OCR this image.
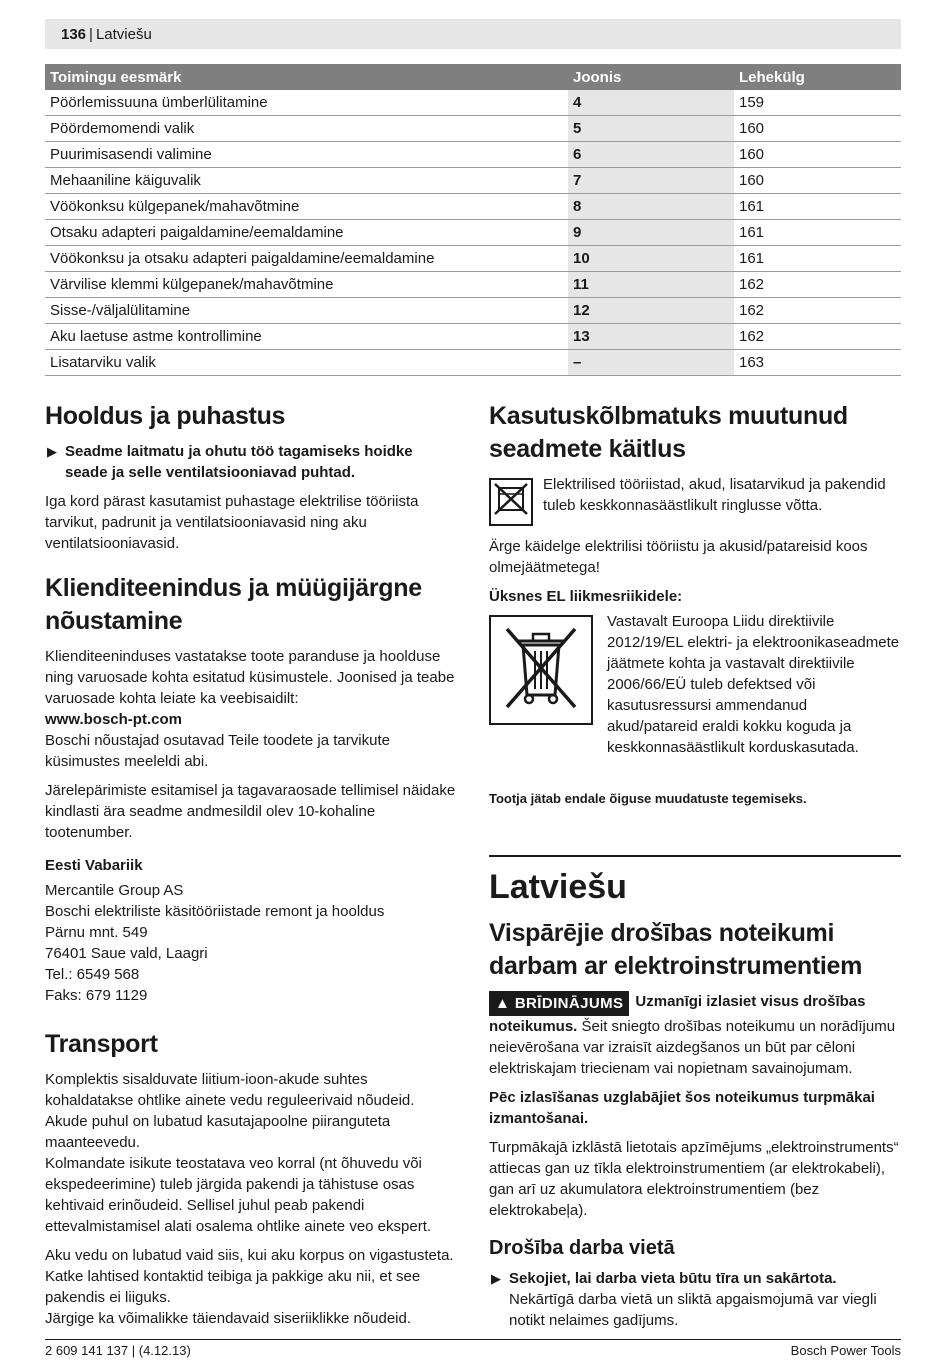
136 | Latviešu
Toimingu eesmärk	Joonis	Lehekülg
Pöörlemissuuna ümberlülitamine	4	159
Pöördemomendi valik	5	160
Puurimisasendi valimine	6	160
Mehaaniline käiguvalik	7	160
Vöökonksu külgepanek/mahavõtmine	8	161
Otsaku adapteri paigaldamine/eemaldamine	9	161
Vöökonksu ja otsaku adapteri paigaldamine/eemaldamine	10	161
Värvilise klemmi külgepanek/mahavõtmine	11	162
Sisse-/väljalülitamine	12	162
Aku laetuse astme kontrollimine	13	162
Lisatarviku valik	–	163
Hooldus ja puhastus
▶ Seadme laitmatu ja ohutu töö tagamiseks hoidke seade ja selle ventilatsiooniavad puhtad.

Iga kord pärast kasutamist puhastage elektrilise tööriista tarvikut, padrunit ja ventilatsiooniavasid ning aku ventilatsiooniavasid.

Klienditeenindus ja müügijärgne nõustamine

Klienditeeninduses vastatakse toote paranduse ja hoolduse ning varuosade kohta esitatud küsimustele. Joonised ja teabe varuosade kohta leiate ka veebisaidilt:

www.bosch-pt.com

Boschi nõustajad osutavad Teile toodete ja tarvikute küsimustes meeleldi abi.

Järelepärimiste esitamisel ja tagavaraosade tellimisel näidake kindlasti ära seadme andmesildil olev 10-kohaline tootenumber.

Eesti Vabariik
Mercantile Group AS
Boschi elektriliste käsitööriistade remont ja hooldus
Pärnu mnt. 549
76401 Saue vald, Laagri
Tel.: 6549 568
Faks: 679 1129
Transport

Komplektis sisalduvate liitium-ioon-akude suhtes kohaldatakse ohtlike ainete vedu reguleerivaid nõudeid. Akude puhul on lubatud kasutajapoolne piiranguteta maanteevedu.

Kolmandate isikute teostatava veo korral (nt õhuvedu või ekspedeerimine) tuleb järgida pakendi ja tähistuse osas kehtivaid erinõudeid. Sellisel juhul peab pakendi ettevalmistamisel alati osalema ohtlike ainete veo ekspert.

Aku vedu on lubatud vaid siis, kui aku korpus on vigastusteta. Katke lahtised kontaktid teibiga ja pakkige aku nii, et see pakendis ei liiguks.

Järgige ka võimalikke täiendavaid siseriiklikke nõudeid.

Kasutuskõlbmatuks muutunud seadmete käitlus
Elektrilised tööriistad, akud, lisatarvikud ja pakendid tuleb keskkonnasäästlikult ringlusse võtta.

Ärge käidelge elektrilisi tööriistu ja akusid/patareisid koos olmejäätmetega!

Üksnes EL liikmesriikidele:
Vastavalt Euroopa Liidu direktiivile 2012/19/EL elektri- ja elektroonikaseadmete jäätmete kohta ja vastavalt direktiivile 2006/66/EÜ tuleb defektsed või kasutusressursi ammendanud akud/patareid eraldi kokku koguda ja keskkonnasäästlikult korduskasutada.
Tootja jätab endale õiguse muudatuste tegemiseks.
Latviešu
Vispārējie drošības noteikumi darbam ar elektroinstrumentiem
▲ BRĪDINĀJUMS Uzmanīgi izlasiet visus drošības noteikumus. Šeit sniegto drošības noteikumu un norādījumu neievērošana var izraisīt aizdegšanos un būt par cēloni elektriskajam triecienam vai nopietnam savainojumam.

Pēc izlasīšanas uzglabājiet šos noteikumus turpmākai izmantošanai.

Turpmākajā izklāstā lietotais apzīmējums „elektroinstruments“ attiecas gan uz tīkla elektroinstrumentiem (ar elektrokabeli), gan arī uz akumulatora elektroinstrumentiem (bez elektrokabeļa).

Drošība darba vietā
▶ Sekojiet, lai darba vieta būtu tīra un sakārtota. Nekārtīgā darba vietā un sliktā apgaismojumā var viegli notikt nelaimes gadījums.
2 609 141 137 | (4.12.13)	Bosch Power Tools
